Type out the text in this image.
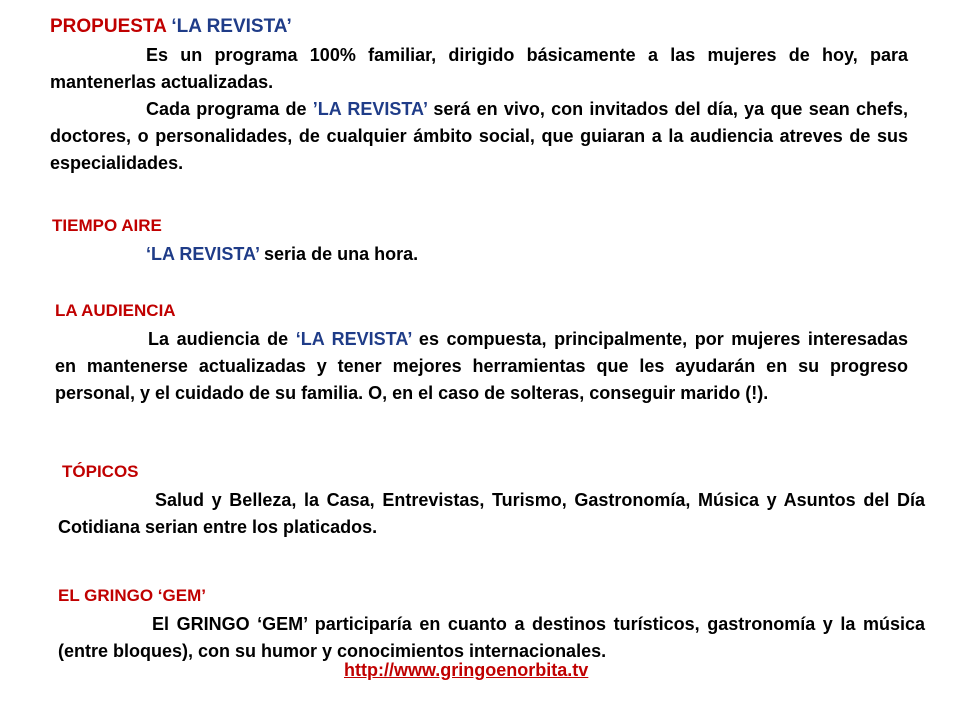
PROPUESTA ‘LA REVISTA’

Es un programa 100% familiar, dirigido básicamente a las mujeres de hoy, para mantenerlas actualizadas.

Cada programa de ’LA REVISTA’ será en vivo, con invitados del día, ya que sean chefs, doctores, o personalidades, de cualquier ámbito social, que guiaran a la audiencia atreves de sus especialidades.

TIEMPO AIRE

‘LA REVISTA’ seria de una hora.

LA AUDIENCIA

La audiencia de ‘LA REVISTA’ es compuesta, principalmente, por mujeres interesadas en mantenerse actualizadas y tener mejores herramientas que les ayudarán en su progreso personal, y el cuidado de su familia. O, en el caso de solteras, conseguir marido (!).

TÓPICOS

Salud y Belleza, la Casa, Entrevistas, Turismo, Gastronomía, Música y Asuntos del Día Cotidiana serian entre los platicados.

EL GRINGO ‘GEM’

El GRINGO ‘GEM’ participaría en cuanto a destinos turísticos, gastronomía y la música (entre bloques), con su humor y conocimientos internacionales.

http://www.gringoenorbita.tv
